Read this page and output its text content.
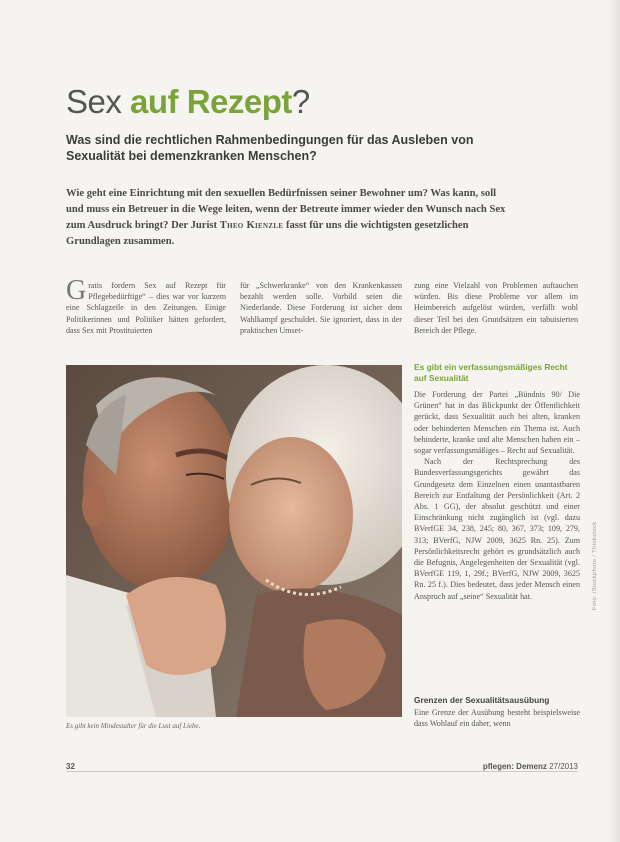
Sex auf Rezept?
Was sind die rechtlichen Rahmenbedingungen für das Ausleben von Sexualität bei demenzkranken Menschen?
Wie geht eine Einrichtung mit den sexuellen Bedürfnissen seiner Bewohner um? Was kann, soll und muss ein Betreuer in die Wege leiten, wenn der Betreute immer wieder den Wunsch nach Sex zum Ausdruck bringt? Der Jurist Theo Kienzle fasst für uns die wichtigsten gesetzlichen Grundlagen zusammen.
Gratis fordern Sex auf Rezept für Pflegebedürftige“ – dies war vor kurzem eine Schlagzeile in den Zeitungen. Einige Politikerinnen und Politiker hätten gefordert, dass Sex mit Prostituierten
für „Schwerkranke“ von den Krankenkassen bezahlt werden solle. Vorbild seien die Niederlande. Diese Forderung ist sicher dem Wahlkampf geschuldet. Sie ignoriert, dass in der praktischen Umset-
zung eine Vielzahl von Problemen auftauchen würden. Bis diese Probleme vor allem im Heimbereich aufgelöst würden, verfällt wohl dieser Teil bei den Grundsätzen ein tabuisierten Bereich der Pflege.
Es gibt kein Mindestalter für die Lust auf Liebe.
Es gibt ein verfassungsmäßiges Recht auf Sexualität

Die Forderung der Partei „Bündnis 90/ Die Grünen“ hat in das Blickpunkt der Öffentlichkeit gerückt, dass Sexualität auch bei alten, kranken oder behinderten Menschen ein Thema ist. Auch behinderte, kranke und alte Menschen haben ein – sogar verfassungsmäßiges – Recht auf Sexualität.

Nach der Rechtsprechung des Bundesverfassungsgerichts gewährt das Grundgesetz dem Einzelnen einen unantastbaren Bereich zur Entfaltung der Persönlichkeit (Art. 2 Abs. 1 GG), der absolut geschützt und einer Einschränkung nicht zugänglich ist (vgl. dazu BVerfGE 34, 238, 245; 80, 367, 373; 109, 279, 313; BVerfG, NJW 2009, 3625 Rn. 25). Zum Persönlichkeitsrecht gehört es grundsätzlich auch die Befugnis, Angelegenheiten der Sexualität (vgl. BVerfGE 119, 1, 29f.; BVerfG, NJW 2009, 3625 Rn. 25 f.). Dies bedeutet, dass jeder Mensch einen Anspruch auf „seine“ Sexualität hat.

Grenzen der Sexualitätsausübung
Eine Grenze der Ausübung besteht beispielsweise dass Wohlauf ein daher, wenn
32	pflegen: Demenz 27/2013
Foto: iStockphoto / Thinkstock
